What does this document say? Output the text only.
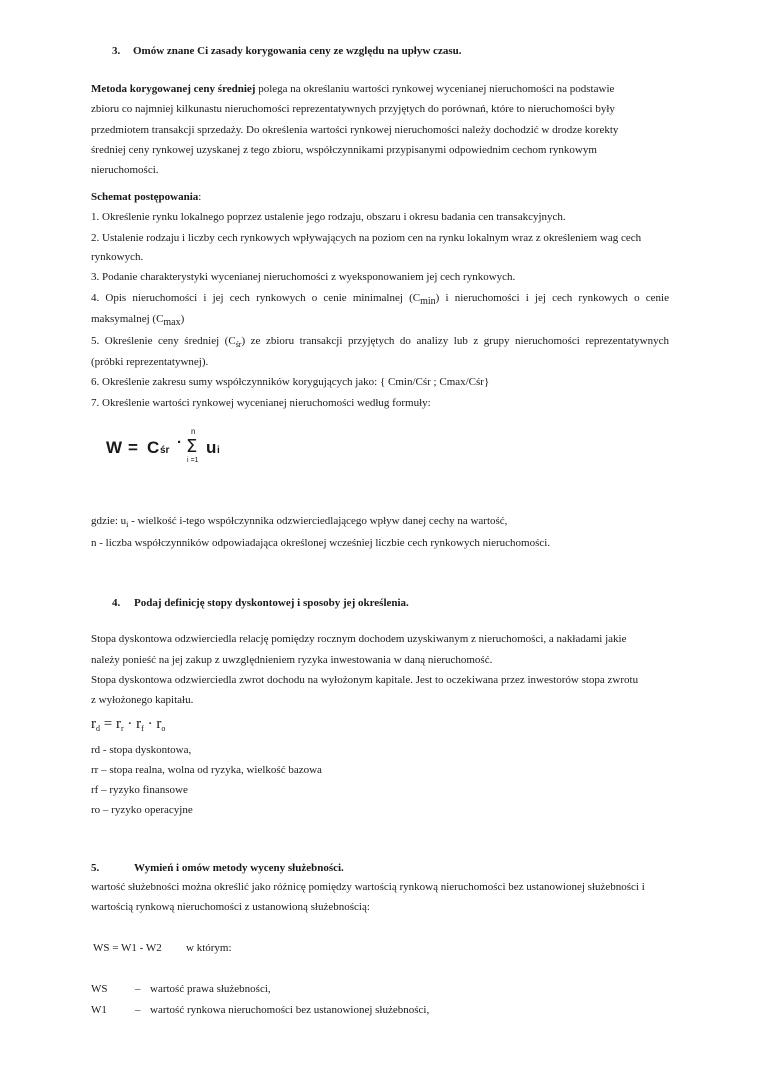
3. Omów znane Ci zasady korygowania ceny ze względu na upływ czasu.
Metoda korygowanej ceny średniej polega na określaniu wartości rynkowej wycenianej nieruchomości na podstawie
zbioru co najmniej kilkunastu nieruchomości reprezentatywnych przyjętych do porównań, które to nieruchomości były
przedmiotem transakcji sprzedaży. Do określenia wartości rynkowej nieruchomości należy dochodzić w drodze korekty
średniej ceny rynkowej uzyskanej z tego zbioru, współczynnikami przypisanymi odpowiednim cechom rynkowym
nieruchomości.
Schemat postępowania:
1. Określenie rynku lokalnego poprzez ustalenie jego rodzaju, obszaru i okresu badania cen transakcyjnych.
2. Ustalenie rodzaju i liczby cech rynkowych wpływających na poziom cen na rynku lokalnym wraz z określeniem wag cech
rynkowych.
3. Podanie charakterystyki wycenianej nieruchomości z wyeksponowaniem jej cech rynkowych.
4. Opis nieruchomości i jej cech rynkowych o cenie minimalnej $(C_{min})$ i nieruchomości i jej cech rynkowych o cenie
maksymalnej $(C_{max})$
5. Określenie ceny średniej $(C_{śr})$ ze zbioru transakcji przyjętych do analizy lub z grupy nieruchomości reprezentatywnych
(próbki reprezentatywnej).
6. Określenie zakresu sumy współczynników korygujących jako: { Cmin/Cśr ; Cmax/Cśr}
7. Określenie wartości rynkowej wycenianej nieruchomości według formuły:
W = C śr ·
n
Σ
i =1
u i
gdzie: $u_i$ - wielkość i-tego współczynnika odzwierciedlającego wpływ danej cechy na wartość,
n - liczba współczynników odpowiadająca określonej wcześniej liczbie cech rynkowych nieruchomości.
4. Podaj definicję stopy dyskontowej i sposoby jej określenia.
Stopa dyskontowa odzwierciedla relację pomiędzy rocznym dochodem uzyskiwanym z nieruchomości, a nakładami jakie
należy ponieść na jej zakup z uwzględnieniem ryzyka inwestowania w daną nieruchomość.
Stopa dyskontowa odzwierciedla zwrot dochodu na wyłożonym kapitale. Jest to oczekiwana przez inwestorów stopa zwrotu
z wyłożonego kapitału.
$r_d = r_r \cdot r_f \cdot r_o$
rd - stopa dyskontowa,
rr – stopa realna, wolna od ryzyka, wielkość bazowa
rf – ryzyko finansowe
ro – ryzyko operacyjne
5.	Wymień i omów metody wyceny służebności.
wartość służebności można określić jako różnicę pomiędzy wartością rynkową nieruchomości bez ustanowionej służebności i
wartością rynkową nieruchomości z ustanowioną służebnością:
WS = W1 - W2 w którym:
WS	– wartość prawa służebności,
W1	– wartość rynkowa nieruchomości bez ustanowionej służebności,
